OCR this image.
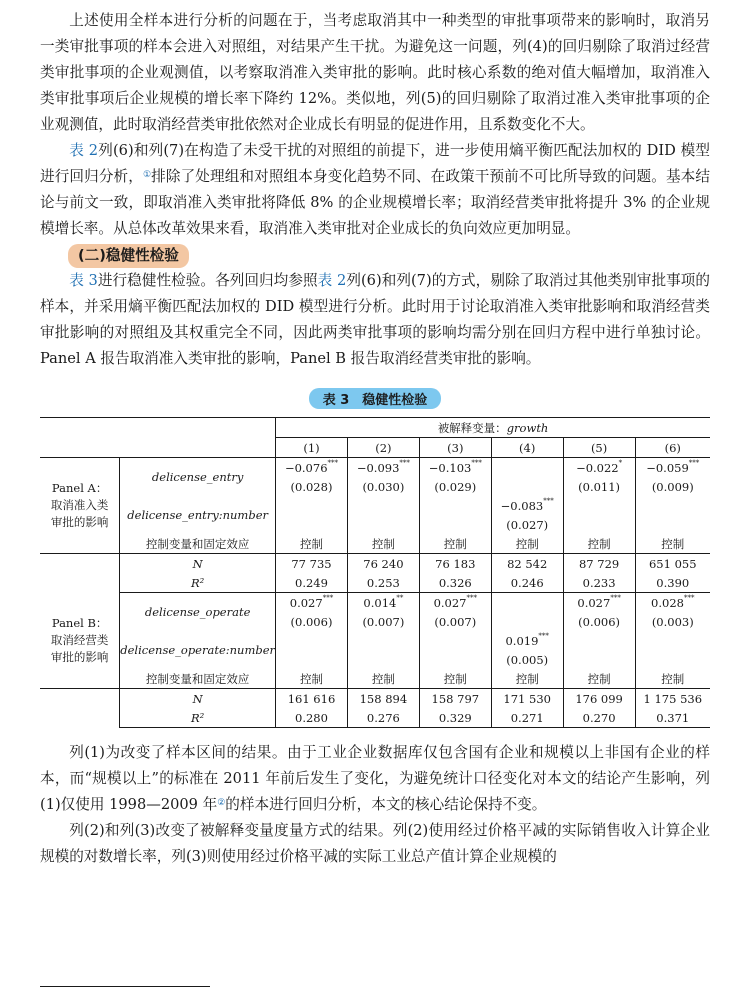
上述使用全样本进行分析的问题在于，当考虑取消其中一种类型的审批事项带来的影响时，取消另一类审批事项的样本会进入对照组，对结果产生干扰。为避免这一问题，列(4)的回归剔除了取消过经营类审批事项的企业观测值，以考察取消准入类审批的影响。此时核心系数的绝对值大幅增加，取消准入类审批事项后企业规模的增长率下降约 12%。类似地，列(5)的回归剔除了取消过准入类审批事项的企业观测值，此时取消经营类审批依然对企业成长有明显的促进作用，且系数变化不大。

表 2列(6)和列(7)在构造了未受干扰的对照组的前提下，进一步使用熵平衡匹配法加权的 DID 模型进行回归分析，①排除了处理组和对照组本身变化趋势不同、在政策干预前不可比所导致的问题。基本结论与前文一致，即取消准入类审批将降低 8% 的企业规模增长率；取消经营类审批将提升 3% 的企业规模增长率。从总体改革效果来看，取消准入类审批对企业成长的负向效应更加明显。

(二)稳健性检验

表 3进行稳健性检验。各列回归均参照表 2列(6)和列(7)的方式，剔除了取消过其他类别审批事项的样本，并采用熵平衡匹配法加权的 DID 模型进行分析。此时用于讨论取消准入类审批影响和取消经营类审批影响的对照组及其权重完全不同，因此两类审批事项的影响均需分别在回归方程中进行单独讨论。Panel A 报告取消准入类审批的影响，Panel B 报告取消经营类审批的影响。

表 3　稳健性检验
		被解释变量：growth					
		(1)	(2)	(3)	(4)	(5)	(6)

Panel A：
取消准入类
审批的影响	delicense_entry	−0.076***	−0.093***	−0.103***		−0.022*	−0.059***
		(0.028)	(0.030)	(0.029)		(0.011)	(0.009)
	delicense_entry:number				−0.083***		
					(0.027)		
	控制变量和固定效应	控制	控制	控制	控制	控制	控制

	N	77 735	76 240	76 183	82 542	87 729	651 055
	R²	0.249	0.253	0.326	0.246	0.233	0.390

Panel B：
取消经营类
审批的影响	delicense_operate	0.027***	0.014**	0.027***		0.027***	0.028***
		(0.006)	(0.007)	(0.007)		(0.006)	(0.003)
	delicense_operate:number				0.019***		
					(0.005)		
	控制变量和固定效应	控制	控制	控制	控制	控制	控制
	N	161 616	158 894	158 797	171 530	176 099	1 175 536
	R²	0.280	0.276	0.329	0.271	0.270	0.371

列(1)为改变了样本区间的结果。由于工业企业数据库仅包含国有企业和规模以上非国有企业的样本，而“规模以上”的标准在 2011 年前后发生了变化，为避免统计口径变化对本文的结论产生影响，列(1)仅使用 1998—2009 年②的样本进行回归分析，本文的核心结论保持不变。

列(2)和列(3)改变了被解释变量度量方式的结果。列(2)使用经过价格平减的实际销售收入计算企业规模的对数增长率，列(3)则使用经过价格平减的实际工业总产值计算企业规模的
